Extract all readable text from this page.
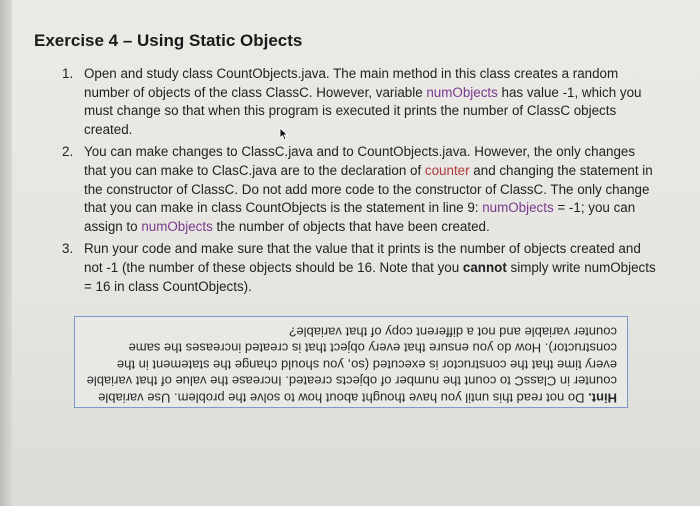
Exercise 4 – Using Static Objects
1. Open and study class CountObjects.java. The main method in this class creates a random number of objects of the class ClassC. However, variable numObjects has value -1, which you must change so that when this program is executed it prints the number of ClassC objects created.
2. You can make changes to ClassC.java and to CountObjects.java. However, the only changes that you can make to ClasC.java are to the declaration of counter and changing the statement in the constructor of ClassC. Do not add more code to the constructor of ClassC. The only change that you can make in class CountObjects is the statement in line 9: numObjects = -1; you can assign to numObjects the number of objects that have been created.
3. Run your code and make sure that the value that it prints is the number of objects created and not -1 (the number of these objects should be 16. Note that you cannot simply write numObjects = 16 in class CountObjects).
Hint. Do not read this until you have thought about how to solve the problem. Use variable counter in ClassC to count the number of objects created. Increase the value of that variable every time that the constructor is executed (so, you should change the statement in the constructor). How do you ensure that every object that is created increases the same counter variable and not a different copy of that variable?
